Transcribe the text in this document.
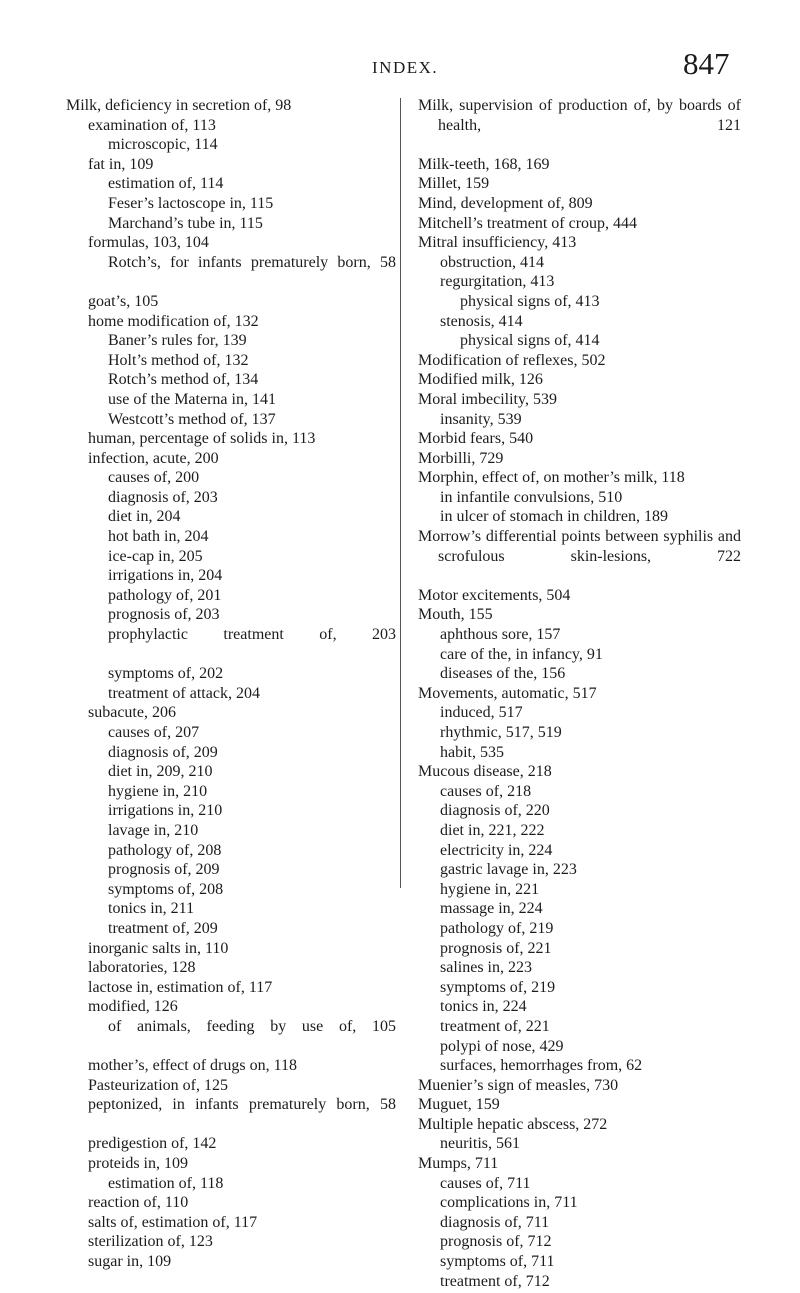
INDEX.	847
Milk, deficiency in secretion of, 98
examination of, 113
microscopic, 114
fat in, 109
estimation of, 114
Feser’s lactoscope in, 115
Marchand’s tube in, 115
formulas, 103, 104
Rotch’s, for infants prematurely born, 58
goat’s, 105
home modification of, 132
Baner’s rules for, 139
Holt’s method of, 132
Rotch’s method of, 134
use of the Materna in, 141
Westcott’s method of, 137
human, percentage of solids in, 113
infection, acute, 200
causes of, 200
diagnosis of, 203
diet in, 204
hot bath in, 204
ice-cap in, 205
irrigations in, 204
pathology of, 201
prognosis of, 203
prophylactic treatment of, 203
symptoms of, 202
treatment of attack, 204
subacute, 206
causes of, 207
diagnosis of, 209
diet in, 209, 210
hygiene in, 210
irrigations in, 210
lavage in, 210
pathology of, 208
prognosis of, 209
symptoms of, 208
tonics in, 211
treatment of, 209
inorganic salts in, 110
laboratories, 128
lactose in, estimation of, 117
modified, 126
of animals, feeding by use of, 105
mother’s, effect of drugs on, 118
Pasteurization of, 125
peptonized, in infants prematurely born, 58
predigestion of, 142
proteids in, 109
estimation of, 118
reaction of, 110
salts of, estimation of, 117
sterilization of, 123
sugar in, 109
Milk, supervision of production of, by boards of health, 121
Milk-teeth, 168, 169
Millet, 159
Mind, development of, 809
Mitchell’s treatment of croup, 444
Mitral insufficiency, 413
obstruction, 414
regurgitation, 413
physical signs of, 413
stenosis, 414
physical signs of, 414
Modification of reflexes, 502
Modified milk, 126
Moral imbecility, 539
insanity, 539
Morbid fears, 540
Morbilli, 729
Morphin, effect of, on mother’s milk, 118
in infantile convulsions, 510
in ulcer of stomach in children, 189
Morrow’s differential points between syphilis and scrofulous skin-lesions, 722
Motor excitements, 504
Mouth, 155
aphthous sore, 157
care of the, in infancy, 91
diseases of the, 156
Movements, automatic, 517
induced, 517
rhythmic, 517, 519
habit, 535
Mucous disease, 218
causes of, 218
diagnosis of, 220
diet in, 221, 222
electricity in, 224
gastric lavage in, 223
hygiene in, 221
massage in, 224
pathology of, 219
prognosis of, 221
salines in, 223
symptoms of, 219
tonics in, 224
treatment of, 221
polypi of nose, 429
surfaces, hemorrhages from, 62
Muenier’s sign of measles, 730
Muguet, 159
Multiple hepatic abscess, 272
neuritis, 561
Mumps, 711
causes of, 711
complications in, 711
diagnosis of, 711
prognosis of, 712
symptoms of, 711
treatment of, 712
